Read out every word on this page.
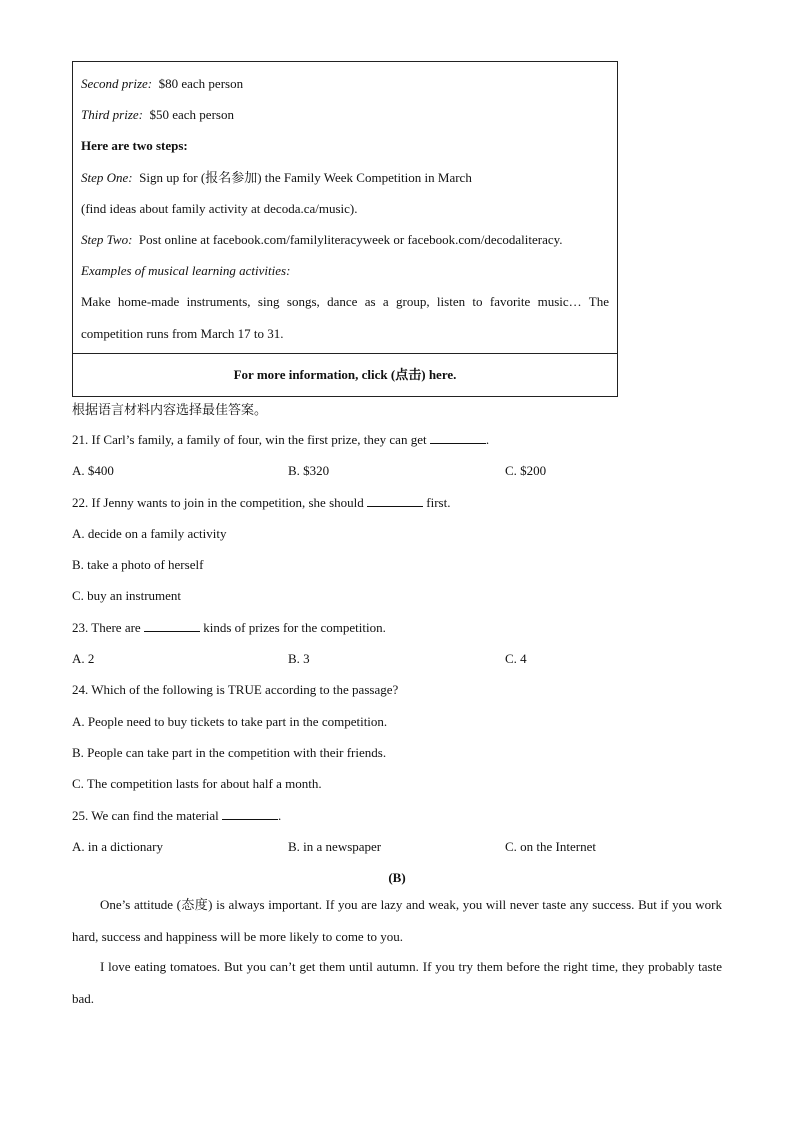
Second prize: $80 each person
Third prize: $50 each person
Here are two steps:
Step One: Sign up for (报名参加) the Family Week Competition in March
(find ideas about family activity at decoda.ca/music).
Step Two: Post online at facebook.com/familyliteracyweek or facebook.com/decodaliteracy.
Examples of musical learning activities:
Make home-made instruments, sing songs, dance as a group, listen to favorite music… The competition runs from March 17 to 31.
For more information, click (点击) here.
根据语言材料内容选择最佳答案。
21. If Carl’s family, a family of four, win the first prize, they can get	.
A. $400	B. $320	C. $200
22. If Jenny wants to join in the competition, she should	first.
A. decide on a family activity
B. take a photo of herself
C. buy an instrument
23. There are	kinds of prizes for the competition.
A. 2	B. 3	C. 4
24. Which of the following is TRUE according to the passage?
A. People need to buy tickets to take part in the competition.
B. People can take part in the competition with their friends.
C. The competition lasts for about half a month.
25. We can find the material	.
A. in a dictionary	B. in a newspaper	C. on the Internet
(B)
One’s attitude (态度) is always important. If you are lazy and weak, you will never taste any success. But if you work hard, success and happiness will be more likely to come to you.
I love eating tomatoes. But you can’t get them until autumn. If you try them before the right time, they probably taste bad.
